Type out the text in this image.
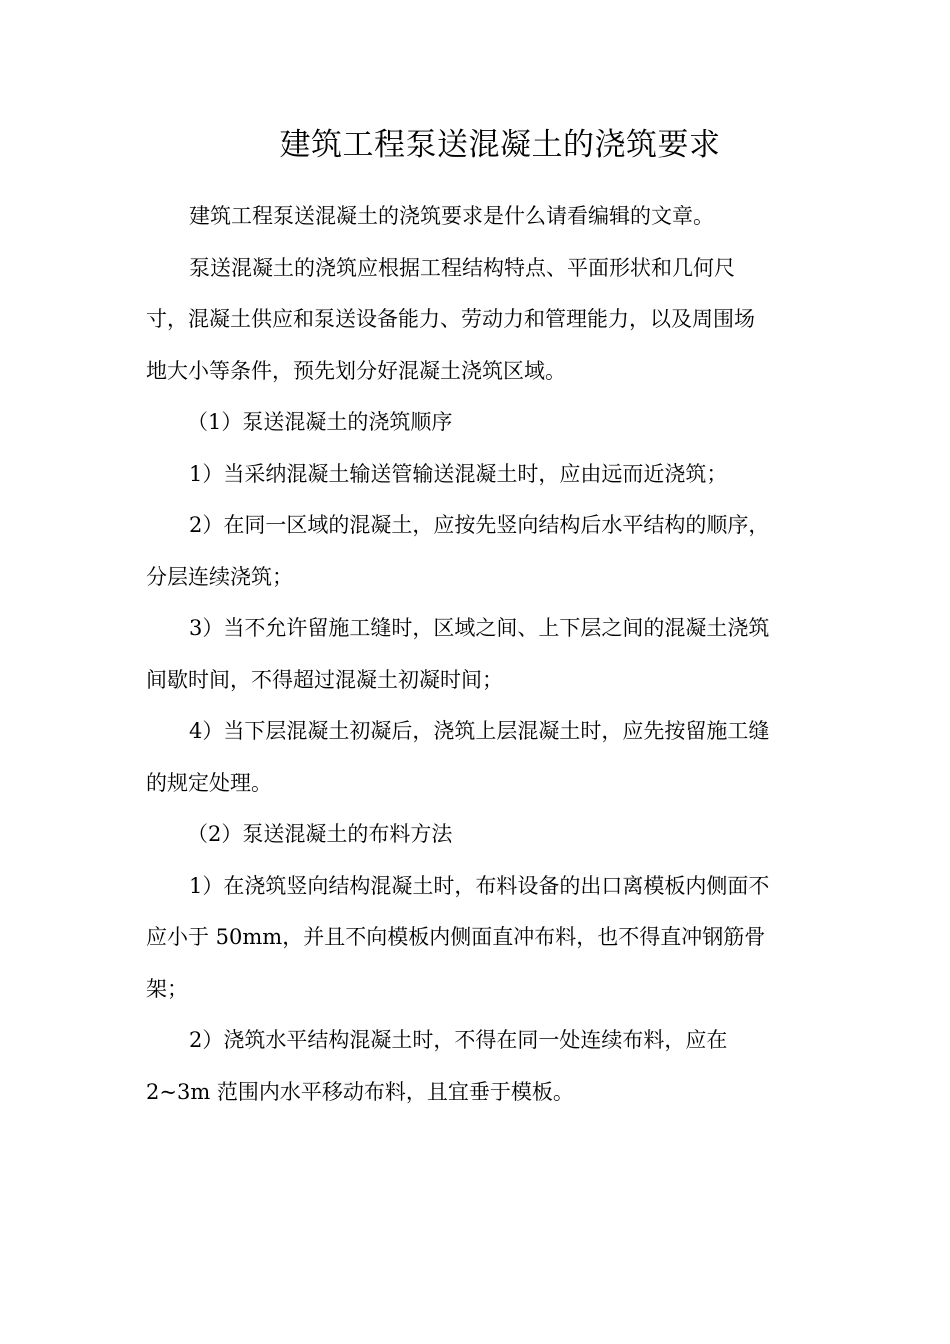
建筑工程泵送混凝土的浇筑要求
建筑工程泵送混凝土的浇筑要求是什么请看编辑的文章。
泵送混凝土的浇筑应根据工程结构特点、平面形状和几何尺
寸，混凝土供应和泵送设备能力、劳动力和管理能力，以及周围场
地大小等条件，预先划分好混凝土浇筑区域。
（1）泵送混凝土的浇筑顺序
1）当采纳混凝土输送管输送混凝土时，应由远而近浇筑；
2）在同一区域的混凝土，应按先竖向结构后水平结构的顺序，
分层连续浇筑；
3）当不允许留施工缝时，区域之间、上下层之间的混凝土浇筑
间歇时间，不得超过混凝土初凝时间；
4）当下层混凝土初凝后，浇筑上层混凝土时，应先按留施工缝
的规定处理。
（2）泵送混凝土的布料方法
1）在浇筑竖向结构混凝土时，布料设备的出口离模板内侧面不
应小于 50mm，并且不向模板内侧面直冲布料，也不得直冲钢筋骨
架；
2）浇筑水平结构混凝土时，不得在同一处连续布料，应在
2~3m 范围内水平移动布料，且宜垂于模板。
